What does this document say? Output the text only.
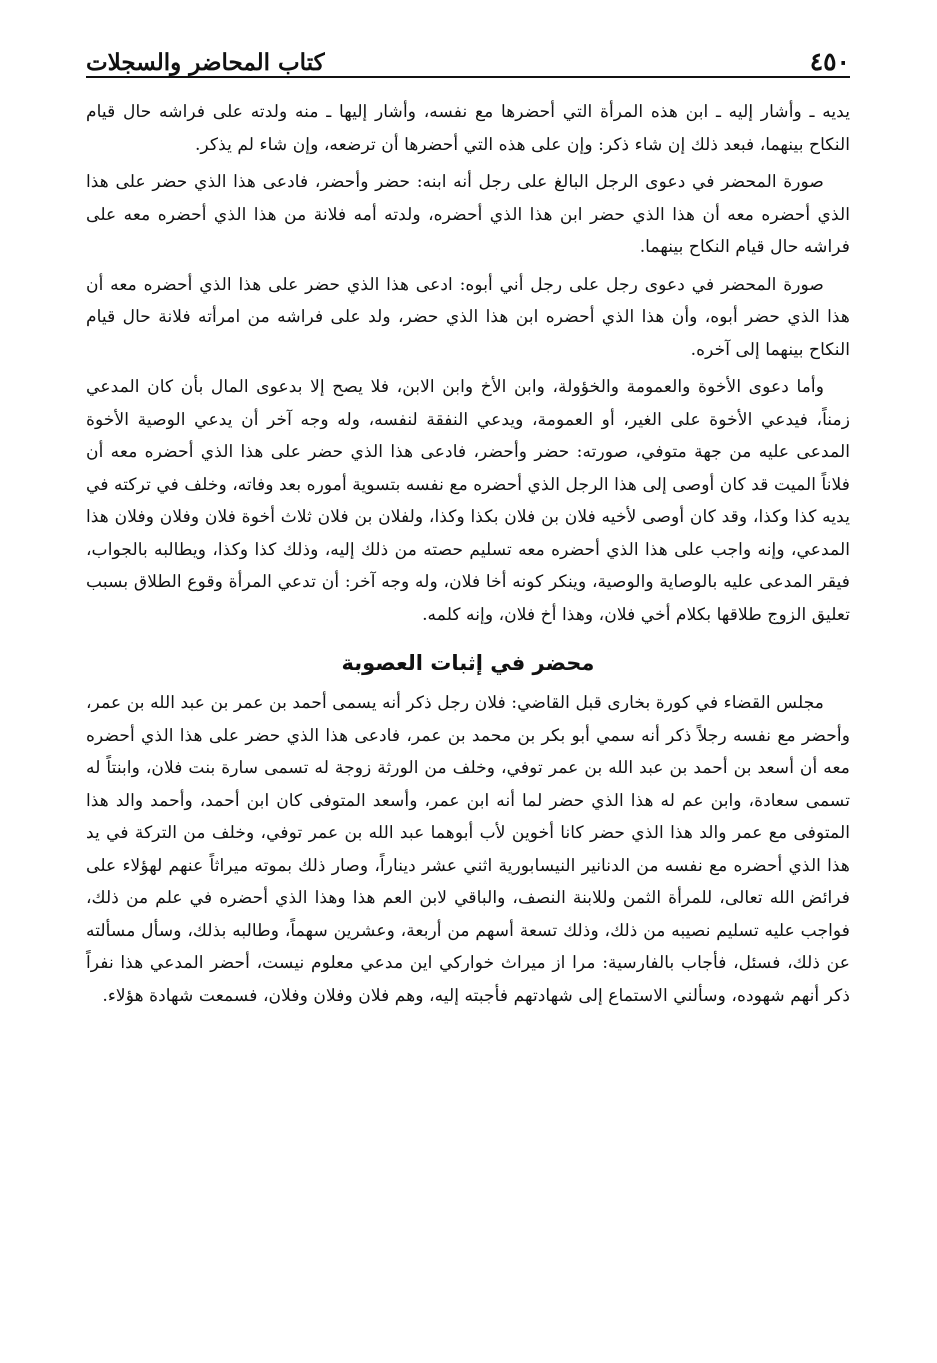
٤٥٠
كتاب المحاضر والسجلات

يديه ـ وأشار إليه ـ ابن هذه المرأة التي أحضرها مع نفسه، وأشار إليها ـ منه ولدته على فراشه حال قيام النكاح بينهما، فبعد ذلك إن شاء ذكر: وإن على هذه التي أحضرها أن ترضعه، وإن شاء لم يذكر.

صورة المحضر في دعوى الرجل البالغ على رجل أنه ابنه: حضر وأحضر، فادعى هذا الذي حضر على هذا الذي أحضره معه أن هذا الذي حضر ابن هذا الذي أحضره، ولدته أمه فلانة من هذا الذي أحضره معه على فراشه حال قيام النكاح بينهما.

صورة المحضر في دعوى رجل على رجل أني أبوه: ادعى هذا الذي حضر على هذا الذي أحضره معه أن هذا الذي حضر أبوه، وأن هذا الذي أحضره ابن هذا الذي حضر، ولد على فراشه من امرأته فلانة حال قيام النكاح بينهما إلى آخره.

وأما دعوى الأخوة والعمومة والخؤولة، وابن الأخ وابن الابن، فلا يصح إلا بدعوى المال بأن كان المدعي زمناً، فيدعي الأخوة على الغير، أو العمومة، ويدعي النفقة لنفسه، وله وجه آخر أن يدعي الوصية الأخوة المدعى عليه من جهة متوفي، صورته: حضر وأحضر، فادعى هذا الذي حضر على هذا الذي أحضره معه أن فلاناً الميت قد كان أوصى إلى هذا الرجل الذي أحضره مع نفسه بتسوية أموره بعد وفاته، وخلف في تركته في يديه كذا وكذا، وقد كان أوصى لأخيه فلان بن فلان بكذا وكذا، ولفلان بن فلان ثلاث أخوة فلان وفلان وفلان هذا المدعي، وإنه واجب على هذا الذي أحضره معه تسليم حصته من ذلك إليه، وذلك كذا وكذا، ويطالبه بالجواب، فيقر المدعى عليه بالوصاية والوصية، وينكر كونه أخا فلان، وله وجه آخر: أن تدعي المرأة وقوع الطلاق بسبب تعليق الزوج طلاقها بكلام أخي فلان، وهذا أخ فلان، وإنه كلمه.

محضر في إثبات العصوبة

مجلس القضاء في كورة بخارى قبل القاضي: فلان رجل ذكر أنه يسمى أحمد بن عمر بن عبد الله بن عمر، وأحضر مع نفسه رجلاً ذكر أنه سمي أبو بكر بن محمد بن عمر، فادعى هذا الذي حضر على هذا الذي أحضره معه أن أسعد بن أحمد بن عبد الله بن عمر توفي، وخلف من الورثة زوجة له تسمى سارة بنت فلان، وابنتاً له تسمى سعادة، وابن عم له هذا الذي حضر لما أنه ابن عمر، وأسعد المتوفى كان ابن أحمد، وأحمد والد هذا المتوفى مع عمر والد هذا الذي حضر كانا أخوين لأب أبوهما عبد الله بن عمر توفي، وخلف من التركة في يد هذا الذي أحضره مع نفسه من الدنانير النيسابورية اثني عشر ديناراً، وصار ذلك بموته ميراثاً عنهم لهؤلاء على فرائض الله تعالى، للمرأة الثمن وللابنة النصف، والباقي لابن العم هذا وهذا الذي أحضره في علم من ذلك، فواجب عليه تسليم نصيبه من ذلك، وذلك تسعة أسهم من أربعة، وعشرين سهماً، وطالبه بذلك، وسأل مسألته عن ذلك، فسئل، فأجاب بالفارسية: مرا از ميراث خواركي اين مدعي معلوم نيست، أحضر المدعي هذا نفراً ذكر أنهم شهوده، وسألني الاستماع إلى شهادتهم فأجبته إليه، وهم فلان وفلان وفلان، فسمعت شهادة هؤلاء.
